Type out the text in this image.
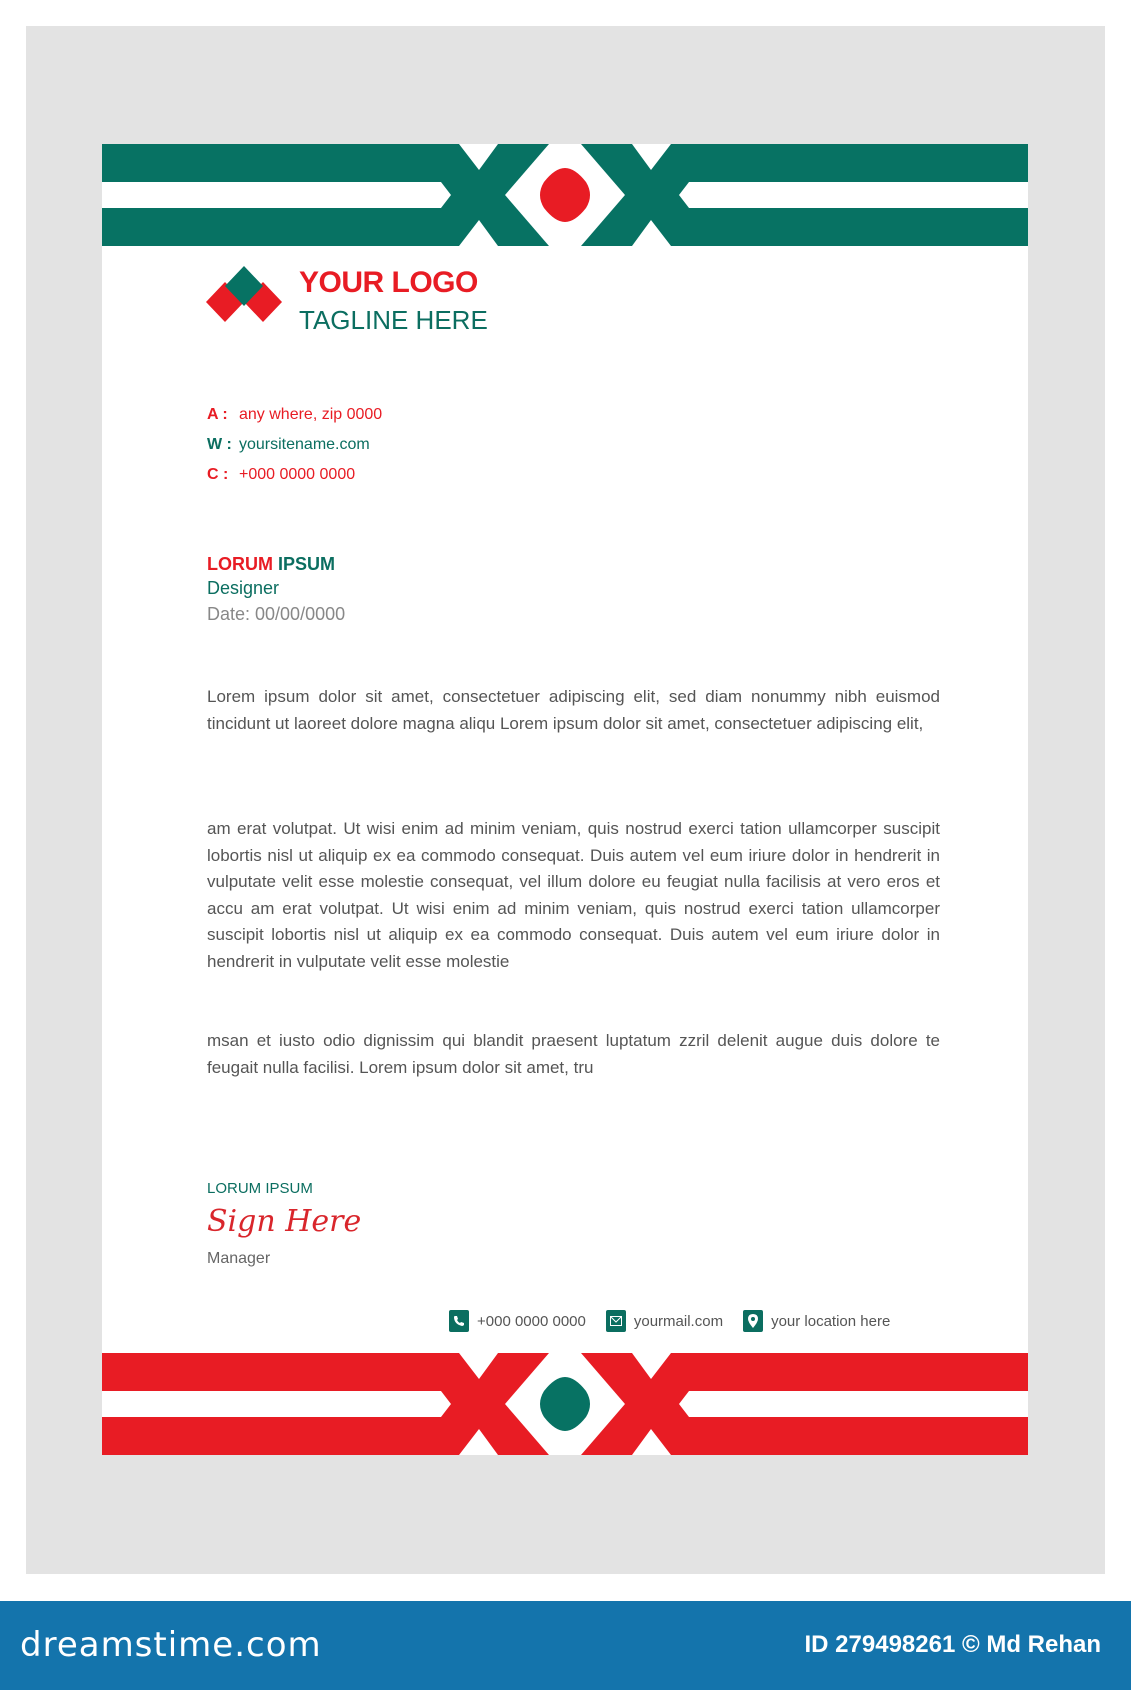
YOUR LOGO
TAGLINE HERE
A : any where, zip 0000
W : yoursitename.com
C : +000 0000 0000
LORUM IPSUM
Designer
Date: 00/00/0000
Lorem ipsum dolor sit amet, consectetuer adipiscing elit, sed diam nonummy nibh euismod tincidunt ut laoreet dolore magna aliqu Lorem ipsum dolor sit amet, consectetuer adipiscing elit,
am erat volutpat. Ut wisi enim ad minim veniam, quis nostrud exerci tation ullamcorper suscipit lobortis nisl ut aliquip ex ea commodo consequat. Duis autem vel eum iriure dolor in hendrerit in vulputate velit esse molestie consequat, vel illum dolore eu feugiat nulla facilisis at vero eros et accu am erat volutpat. Ut wisi enim ad minim veniam, quis nostrud exerci tation ullamcorper suscipit lobortis nisl ut aliquip ex ea commodo consequat. Duis autem vel eum iriure dolor in hendrerit in vulputate velit esse molestie
msan et iusto odio dignissim qui blandit praesent luptatum zzril delenit augue duis dolore te feugait nulla facilisi. Lorem ipsum dolor sit amet, tru
LORUM IPSUM
Sign Here
Manager
+000 0000 0000	yourmail.com	your location here
dreamstime.com	ID 279498261 © Md Rehan
